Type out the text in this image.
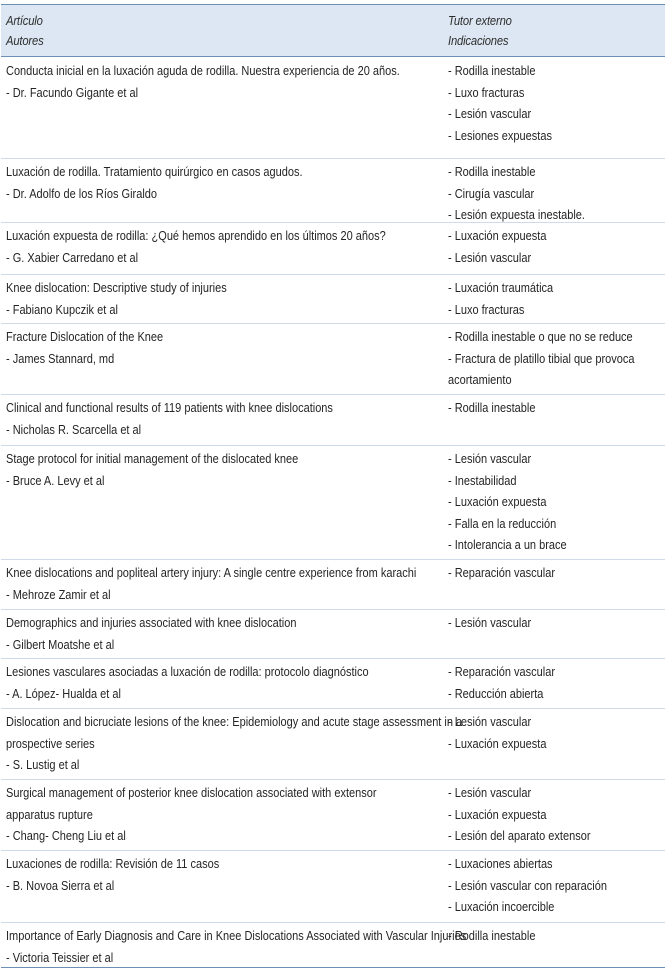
Artículo
Autores
Tutor externo
Indicaciones
Conducta inicial en la luxación aguda de rodilla. Nuestra experiencia de 20 años.
- Dr. Facundo Gigante et al
- Rodilla inestable
- Luxo fracturas
- Lesión vascular
- Lesiones expuestas
Luxación de rodilla. Tratamiento quirúrgico en casos agudos.
- Dr. Adolfo de los Ríos Giraldo
- Rodilla inestable
- Cirugía vascular
- Lesión expuesta inestable.
Luxación expuesta de rodilla: ¿Qué hemos aprendido en los últimos 20 años?
- G. Xabier Carredano et al
- Luxación expuesta
- Lesión vascular
Knee dislocation: Descriptive study of injuries
- Fabiano Kupczik et al
- Luxación traumática
- Luxo fracturas
Fracture Dislocation of the Knee
- James Stannard, md
- Rodilla inestable o que no se reduce
- Fractura de platillo tibial que provoca
acortamiento
Clinical and functional results of 119 patients with knee dislocations
- Nicholas R. Scarcella et al
- Rodilla inestable
Stage protocol for initial management of the dislocated knee
- Bruce A. Levy et al
- Lesión vascular
- Inestabilidad
- Luxación expuesta
- Falla en la reducción
- Intolerancia a un brace
Knee dislocations and popliteal artery injury: A single centre experience from karachi
- Mehroze Zamir et al
- Reparación vascular
Demographics and injuries associated with knee dislocation
- Gilbert Moatshe et al
- Lesión vascular
Lesiones vasculares asociadas a luxación de rodilla: protocolo diagnóstico
- A. López- Hualda et al
- Reparación vascular
- Reducción abierta
Dislocation and bicruciate lesions of the knee: Epidemiology and acute stage assessment in a
prospective series
- S. Lustig et al
- Lesión vascular
- Luxación expuesta
Surgical management of posterior knee dislocation associated with extensor
apparatus rupture
- Chang- Cheng Liu et al
- Lesión vascular
- Luxación expuesta
- Lesión del aparato extensor
Luxaciones de rodilla: Revisión de 11 casos
- B. Novoa Sierra et al
- Luxaciones abiertas
- Lesión vascular con reparación
- Luxación incoercible
Importance of Early Diagnosis and Care in Knee Dislocations Associated with Vascular Injuries
- Victoria Teissier et al
- Rodilla inestable
